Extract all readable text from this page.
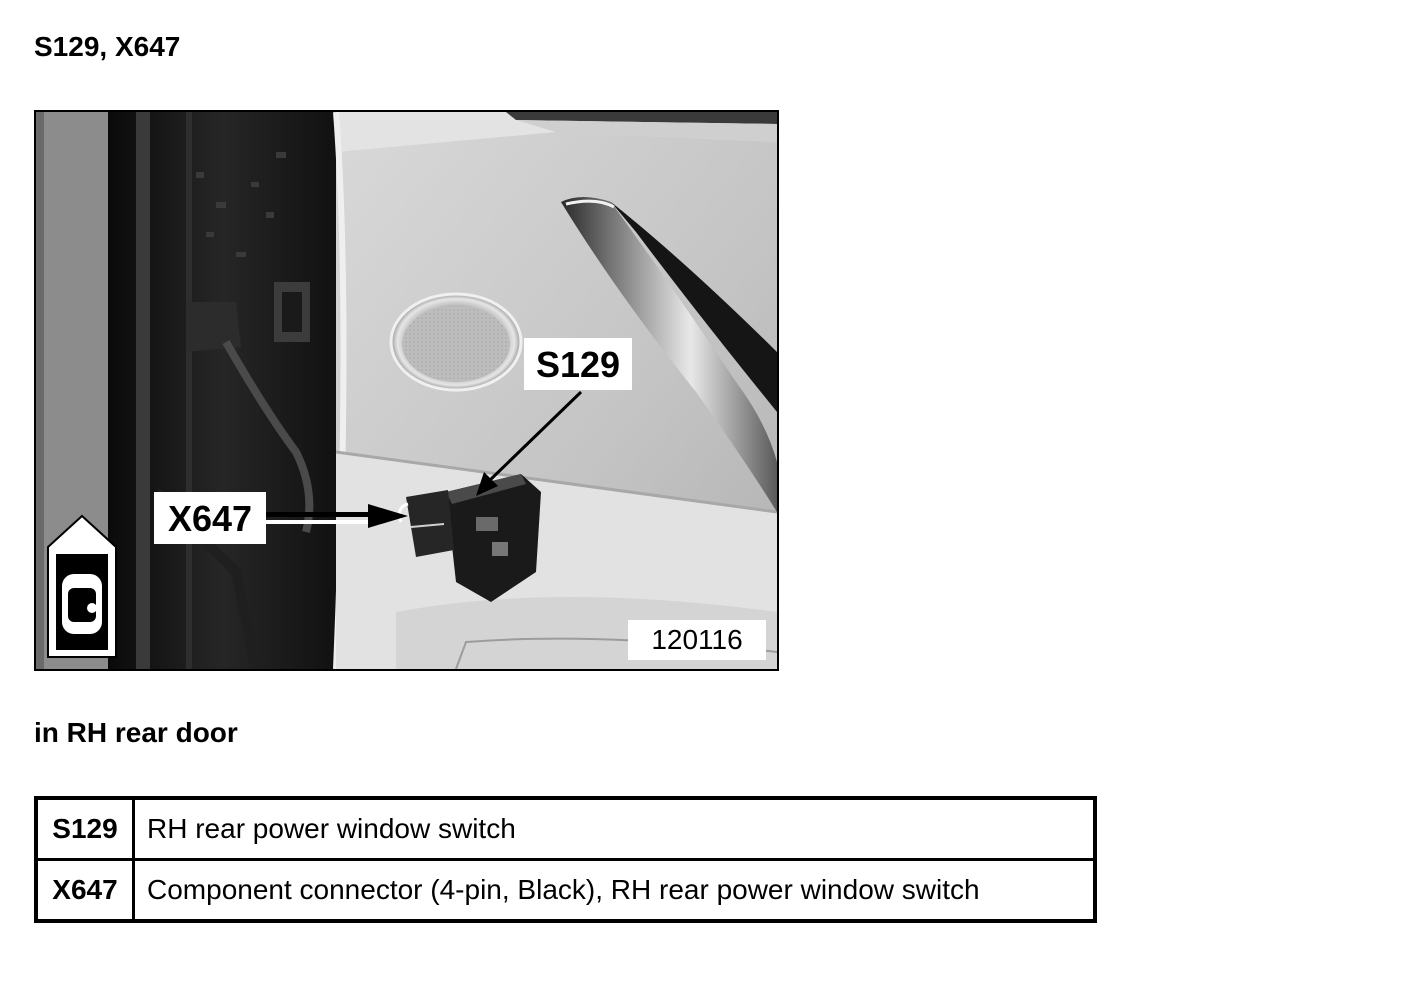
S129, X647
S129
X647
120116
in RH rear door
S129	RH rear power window switch
X647	Component connector (4-pin, Black), RH rear power window switch
